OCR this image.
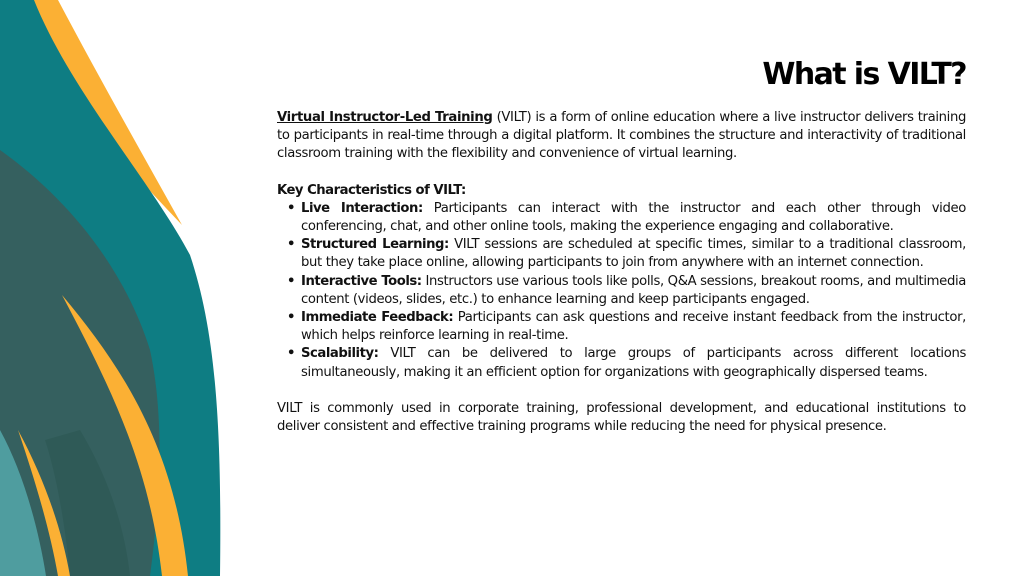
What is VILT?

Virtual Instructor-Led Training (VILT) is a form of online education where a live instructor delivers training to participants in real-time through a digital platform. It combines the structure and interactivity of traditional classroom training with the flexibility and convenience of virtual learning.

Key Characteristics of VILT:

• Live Interaction: Participants can interact with the instructor and each other through video conferencing, chat, and other online tools, making the experience engaging and collaborative.
• Structured Learning: VILT sessions are scheduled at specific times, similar to a traditional classroom, but they take place online, allowing participants to join from anywhere with an internet connection.
• Interactive Tools: Instructors use various tools like polls, Q&A sessions, breakout rooms, and multimedia content (videos, slides, etc.) to enhance learning and keep participants engaged.
• Immediate Feedback: Participants can ask questions and receive instant feedback from the instructor, which helps reinforce learning in real-time.
• Scalability: VILT can be delivered to large groups of participants across different locations simultaneously, making it an efficient option for organizations with geographically dispersed teams.

VILT is commonly used in corporate training, professional development, and educational institutions to deliver consistent and effective training programs while reducing the need for physical presence.
